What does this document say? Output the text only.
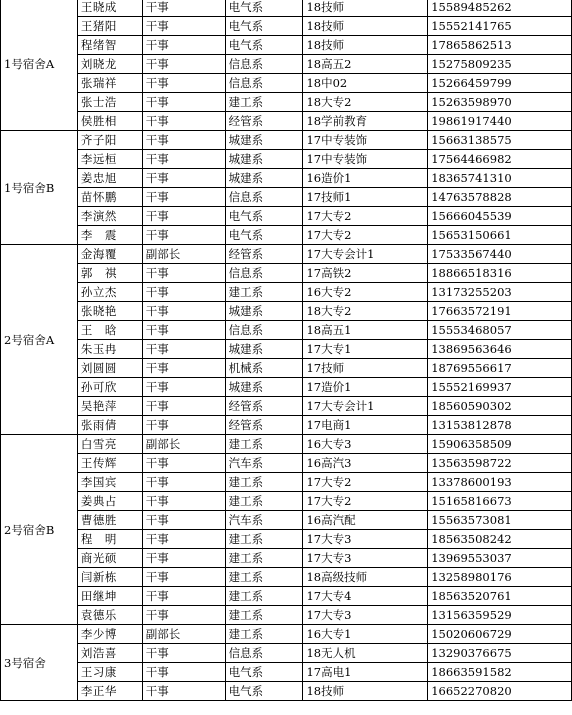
1号宿舍A	王晓成	干事	电气系	18技师	15589485262
	王猪阳	干事	电气系	18技师	15552141765
	程绪智	干事	电气系	18技师	17865862513
	刘晓龙	干事	信息系	18高五2	15275809235
	张瑞祥	干事	信息系	18中02	15266459799
	张士浩	干事	建工系	18大专2	15263598970
	侯胜相	干事	经管系	18学前教育	19861917440
1号宿舍B	齐子阳	干事	城建系	17中专装饰	15663138575
	李远桓	干事	城建系	17中专装饰	17564466982
	姜忠旭	干事	城建系	16造价1	18365741310
	苗怀鹏	干事	信息系	17技师1	14763578828
	李演然	干事	电气系	17大专2	15666045539
	李　震	干事	电气系	17大专2	15653150661
2号宿舍A	金海覆	副部长	经管系	17大专会计1	17533567440
	郭　祺	干事	信息系	17高铁2	18866518316
	孙立杰	干事	建工系	16大专2	13173255203
	张晓艳	干事	城建系	18大专2	17663572191
	王　晗	干事	信息系	18高五1	15553468057
	朱玉冉	干事	城建系	17大专1	13869563646
	刘圆圆	干事	机械系	17技师	18769556617
	孙可欣	干事	城建系	17造价1	15552169937
	吴艳萍	干事	经管系	17大专会计1	18560590302
	张雨倩	干事	经管系	17电商1	13153812878
2号宿舍B	白雪亮	副部长	建工系	16大专3	15906358509
	王传辉	干事	汽车系	16高汽3	13563598722
	李国宾	干事	建工系	17大专2	13378600193
	姜典占	干事	建工系	17大专2	15165816673
	曹德胜	干事	汽车系	16高汽配	15563573081
	程　明	干事	建工系	17大专3	18563508242
	商光硕	干事	建工系	17大专3	13969553037
	闫新栋	干事	建工系	18高级技师	13258980176
	田继坤	干事	建工系	17大专4	18563520761
	袁德乐	干事	建工系	17大专3	13156359529
3号宿舍	李少博	副部长	建工系	16大专1	15020606729
	刘浩喜	干事	信息系	18无人机	13290376675
	王习康	干事	电气系	17高电1	18663591582
	李正华	干事	电气系	18技师	16652270820
